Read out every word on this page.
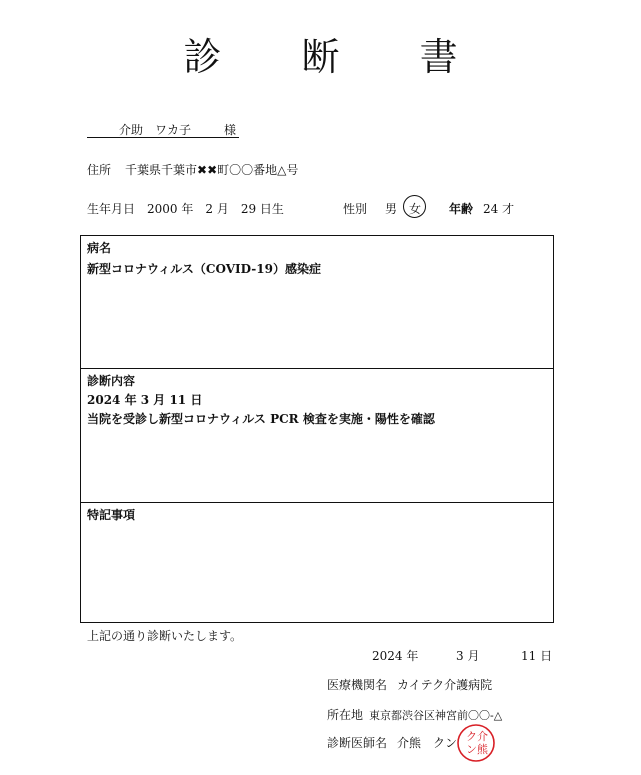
診 断 書
介助　ワカ子	様
住所 千葉県千葉市✖✖町〇〇番地△号
生年月日　 2000 年　2 月　29 日生	性別 男 女 年齢 24 才
病名
新型コロナウィルス（COVID-19）感染症
診断内容
2024 年 3 月 11 日
当院を受診し新型コロナウィルス PCR 検査を実施・陽性を確認
特記事項
上記の通り診断いたします。
2024 年	3 月	11 日
医療機関名 カイテク介護病院
所在地 東京都渋谷区神宮前〇〇-△
診断医師名 介熊　クン ク 介
ン 熊
